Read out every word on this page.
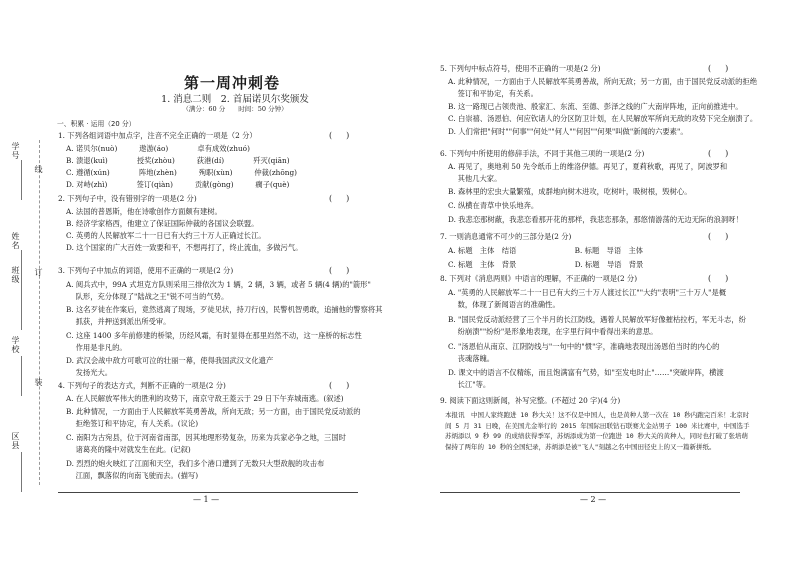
学号
线
姓名
订
班级
学校
装
区县
第一周冲刺卷
1. 消息二则　2. 首届诺贝尔奖颁发
（满分：60 分　　时间：50 分钟）
一、积累 · 运用（20 分）
1. 下列各组词语中加点字，注音不完全正确的一项是（2 分）	()
A. 诺贝尔(nuò)　　　遨游(áo)　　　　卓有成效(zhuó)
B. 溃退(kuì)　　　　授奖(zhòu)　　　荻港(dí)　　　　歼灭(qiān)
C. 遵循(xún)　　　　阵地(zhèn)　　　殉职(xùn)　　　仲裁(zhōng)
D. 对峙(zhì)　　　　签订(qiàn)　　　贡献(gòng)　　　瘸子(què)
2. 下列句子中，没有错别字的一项是(2 分)	()
A. 法国的普恩斯，他在诗歌创作方面颇有建树。
B. 经济学家格西，他建立了保证国际仲裁的各国议会联盟。
C. 英勇的人民解放军二十一日已有大约三十万人正确过长江。
D. 这个国家的广大百姓一致要和平，不想再打了，终止流血，多做污气。
3. 下列句子中加点的词语，使用不正确的一项是(2 分)	()
A. 阅兵式中，99A 式坦克方队则采用三排依次为 1 辆，2 辆，3 辆，或者 5 辆(4 辆)的"箭形"
　 队形，充分体现了"陆战之王"锐不可当的气势。
B. 这名歹徒在作案后，竟然逃离了现场，歹徒见状，持刀行凶，民警机智勇敢，追捕他的警察将其
　 抓获，并押送到派出所受审。
C. 这座 1400 多年前修建的桥梁，历经风霜，有时显得在那里岿然不动，这一座桥的标志性
　 作用是非凡的。
D. 武汉会战中敌方可歌可泣的壮丽一幕，使得我国武汉文化遗产
　 发扬光大。
4. 下列句子的表达方式，判断不正确的一项是(2 分)	()
A. 在人民解放军伟大的胜利的攻势下，南京守敌王菱云于 29 日下午弃城南逃。(叙述)
B. 此种情况，一方面由于人民解放军英勇善战，所向无敌；另一方面，由于国民党反动派的
　 拒绝签订和平协定，有人关系。(议论)
C. 南阳为古宛县，位于河南省南部，因其地理形势复杂，历来为兵家必争之地，三国时
　 诸葛亮的隆中对就发生在此。(记叙)
D. 烈烈的炮火映红了江面和天空，我们多个港口遭到了无数只大型敌舰的攻击布
　 江面，飘落似的向南飞驶而去。(描写)
— 1 —
5. 下列句中标点符号，使用不正确的一项是(2 分)	()
A. 此种情况，一方面由于人民解放军英勇善战，所向无敌；另一方面，由于国民党反动派的拒绝
　 签订和平协定，有关系。
B. 这一路现已占领贵池、殷家汇、东流、至德、彭泽之线的广大南岸阵地，正向前推进中。
C. 白崇禧、汤恩伯、何应钦诸人的分区防卫计划，在人民解放军所向无敌的攻势下完全崩溃了。
D. 人们常把"何时""何事""何处""何人""何因""何果"叫做"新闻的六要素"。
6. 下列句中所使用的修辞手法，不同于其他三项的一项是(2 分)	()
A. 再见了，奥地利 50 先令纸币上的维洛伊德。再见了，夏莉秋歌，再见了，阿波罗和
　 其他几大家。
B. 森林里的宏虫大量繁殖，成群地向树木进攻，吃树叶，吸树根，毁树心。
C. 纵横在青草中快乐地奔。
D. 我悲恋那树蔽，我悲恋看那开花的那样，我悲恋那条，那悠情游荡的无边无际的浪洞呀！
7. 一则消息通常不可少的三部分是(2 分)	()
A. 标题　主体　结语　　　　　　　　B. 标题　导语　主体
C. 标题　主体　背景　　　　　　　　D. 标题　导语　背景
8. 下列对《消息两则》中语言的理解，不正确的一项是(2 分)	()
A. "英勇的人民解放军二十一日已有大约三十万人渡过长江""大约"表明"三十万人"是概
　 数，体现了新闻语言的准确性。
B. "国民党反动派经营了三个半月的长江防线，遇着人民解放军好像摧枯拉朽，军无斗志，纷
　 纷崩溃""纷纷"是形象地表现，在字里行间中看得出来的意思。
C. "汤恩伯从南京、江阴防线与"一句中的"惯"字，准确地表现出汤恩伯当时的内心的
　 丧魂落魄。
D. 课文中的语言不仅精练，而且饱满富有气势，如"至发电时止"……"突破岸阵，横渡
　 长江"等。
9. 阅读下面这则新闻，补写完整。(不超过 20 字)(4 分)
本报讯　中国人家终跑进 10 秒大关！这不仅是中国人，也是黄种人第一次在 10 秒内跑完百米！北京时间 5 月 31 日晚，在美国尤金举行的 2015 年国际田联钻石联赛尤金站男子 100 米比赛中，中国选手苏炳添以 9 秒 99 的成绩获得季军，苏炳添成为第一位跑进 10 秒大关的黄种人，同时也打破了张培萌保持了两年的 10 秒的全国纪录，苏炳添是被"飞人"刻越之名中国田径史上的又一篇新拼纸。
— 2 —
